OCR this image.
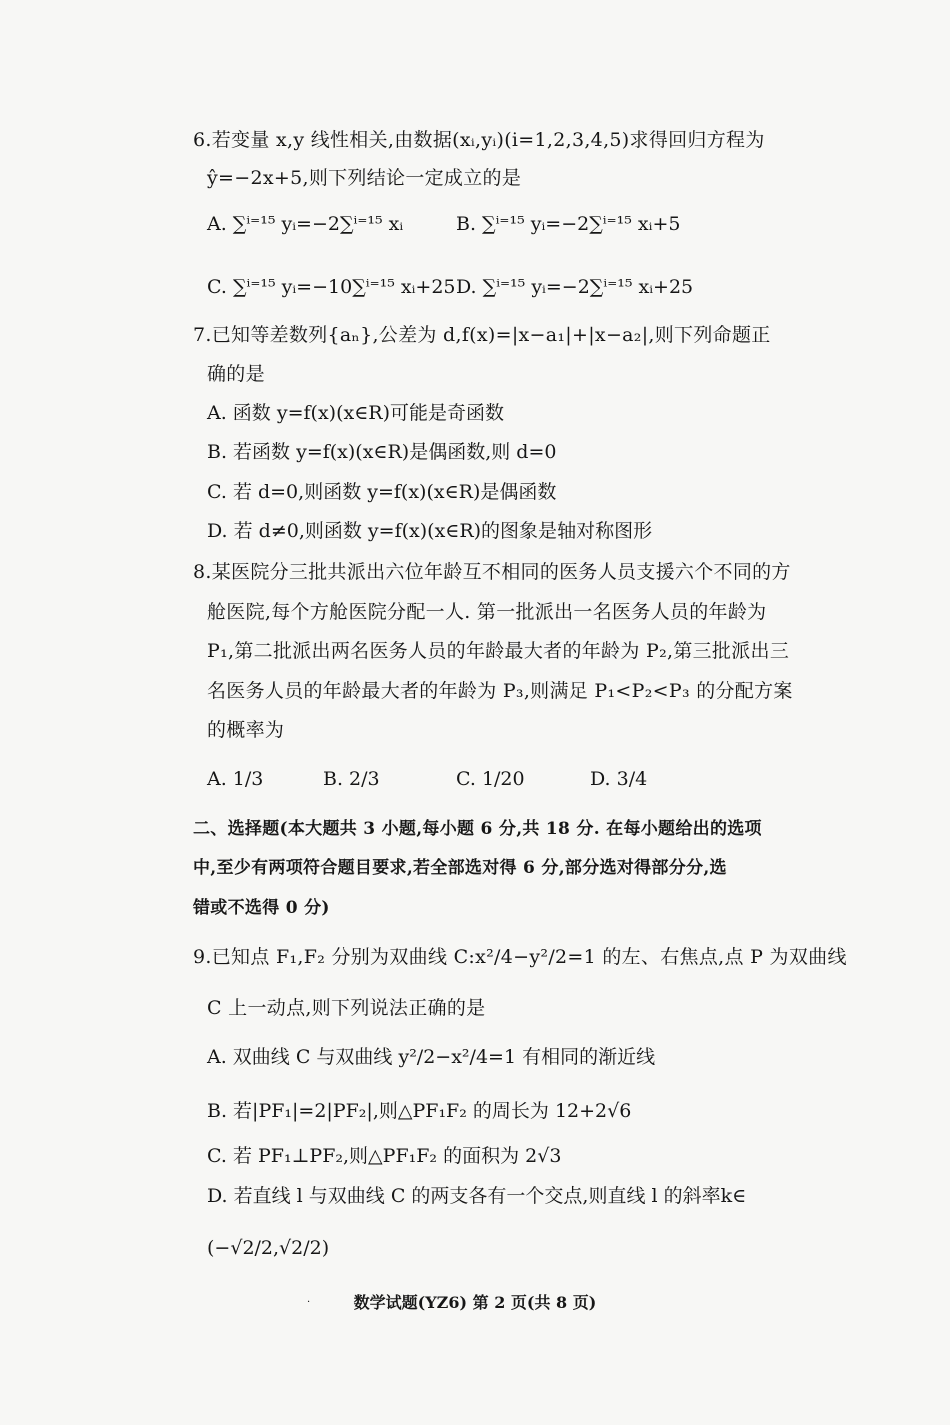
6.若变量 x,y 线性相关,由数据(xᵢ,yᵢ)(i=1,2,3,4,5)求得回归方程为
ŷ=−2x+5,则下列结论一定成立的是
A. ∑ⁱ⁼¹⁵ yᵢ=−2∑ⁱ⁼¹⁵ xᵢ	B. ∑ⁱ⁼¹⁵ yᵢ=−2∑ⁱ⁼¹⁵ xᵢ+5
C. ∑ⁱ⁼¹⁵ yᵢ=−10∑ⁱ⁼¹⁵ xᵢ+25 D. ∑ⁱ⁼¹⁵ yᵢ=−2∑ⁱ⁼¹⁵ xᵢ+25
7.已知等差数列{aₙ},公差为 d,f(x)=|x−a₁|+|x−a₂|,则下列命题正
确的是
A. 函数 y=f(x)(x∈R)可能是奇函数
B. 若函数 y=f(x)(x∈R)是偶函数,则 d=0
C. 若 d=0,则函数 y=f(x)(x∈R)是偶函数
D. 若 d≠0,则函数 y=f(x)(x∈R)的图象是轴对称图形
8.某医院分三批共派出六位年龄互不相同的医务人员支援六个不同的方
舱医院,每个方舱医院分配一人. 第一批派出一名医务人员的年龄为
P₁,第二批派出两名医务人员的年龄最大者的年龄为 P₂,第三批派出三
名医务人员的年龄最大者的年龄为 P₃,则满足 P₁<P₂<P₃ 的分配方案
的概率为
A. 1/3	B. 2/3	C. 1/20	D. 3/4
二、选择题(本大题共 3 小题,每小题 6 分,共 18 分. 在每小题给出的选项
中,至少有两项符合题目要求,若全部选对得 6 分,部分选对得部分分,选
错或不选得 0 分)
9.已知点 F₁,F₂ 分别为双曲线 C:x²/4−y²/2=1 的左、右焦点,点 P 为双曲线
C 上一动点,则下列说法正确的是
A. 双曲线 C 与双曲线 y²/2−x²/4=1 有相同的渐近线
B. 若|PF₁|=2|PF₂|,则△PF₁F₂ 的周长为 12+2√6
C. 若 PF₁⊥PF₂,则△PF₁F₂ 的面积为 2√3
D. 若直线 l 与双曲线 C 的两支各有一个交点,则直线 l 的斜率k∈
(−√2/2,√2/2)
·	数学试题(YZ6) 第 2 页(共 8 页)
